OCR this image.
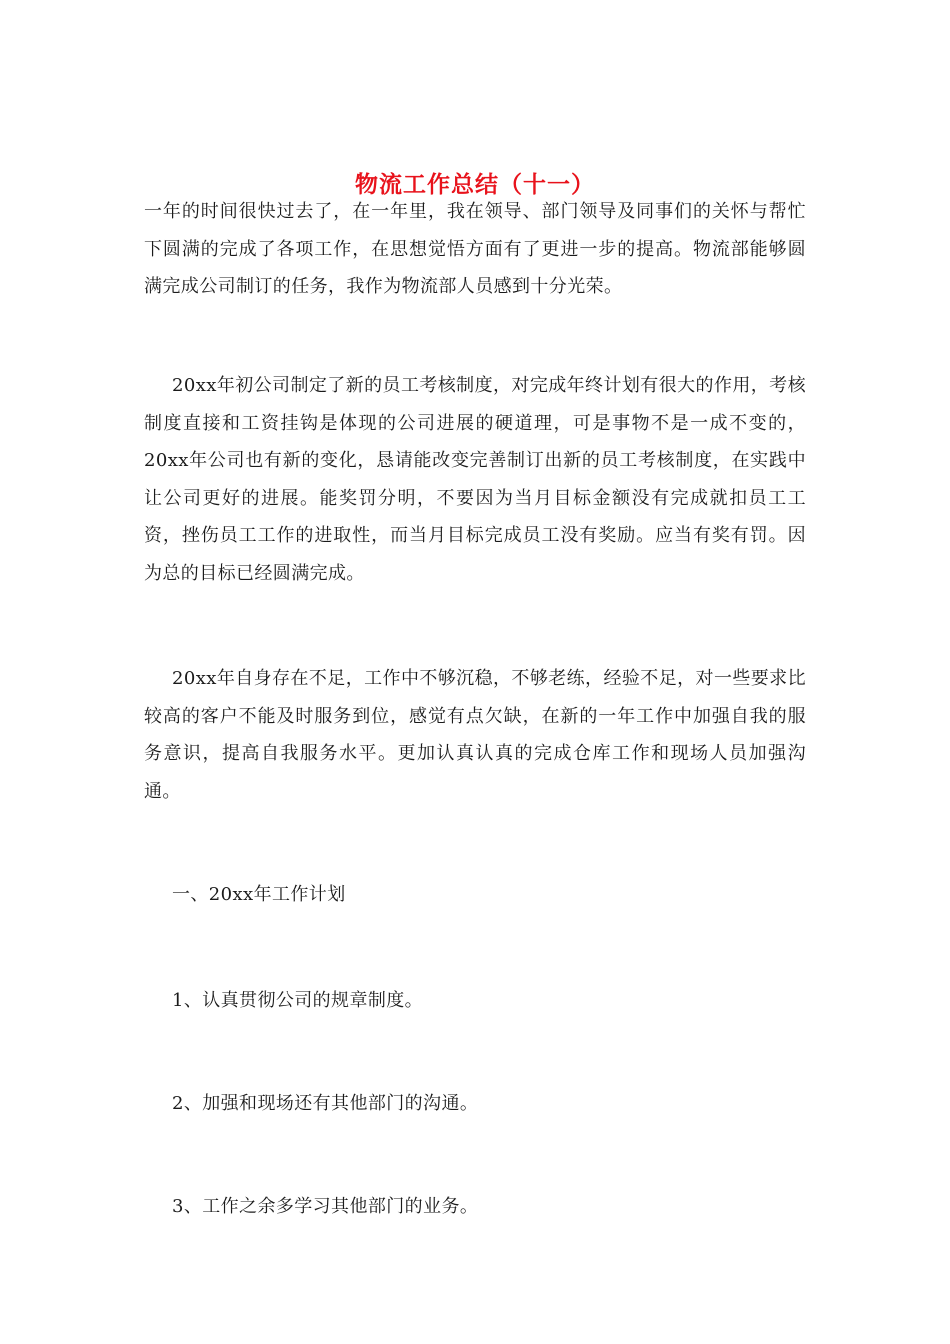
物流工作总结（十一）

一年的时间很快过去了，在一年里，我在领导、部门领导及同事们的关怀与帮忙下圆满的完成了各项工作，在思想觉悟方面有了更进一步的提高。物流部能够圆满完成公司制订的任务，我作为物流部人员感到十分光荣。

20xx年初公司制定了新的员工考核制度，对完成年终计划有很大的作用，考核制度直接和工资挂钩是体现的公司进展的硬道理，可是事物不是一成不变的，20xx年公司也有新的变化，恳请能改变完善制订出新的员工考核制度，在实践中让公司更好的进展。能奖罚分明，不要因为当月目标金额没有完成就扣员工工资，挫伤员工工作的进取性，而当月目标完成员工没有奖励。应当有奖有罚。因为总的目标已经圆满完成。

20xx年自身存在不足，工作中不够沉稳，不够老练，经验不足，对一些要求比较高的客户不能及时服务到位，感觉有点欠缺，在新的一年工作中加强自我的服务意识，提高自我服务水平。更加认真认真的完成仓库工作和现场人员加强沟通。

一、20xx年工作计划

1、认真贯彻公司的规章制度。

2、加强和现场还有其他部门的沟通。

3、工作之余多学习其他部门的业务。
